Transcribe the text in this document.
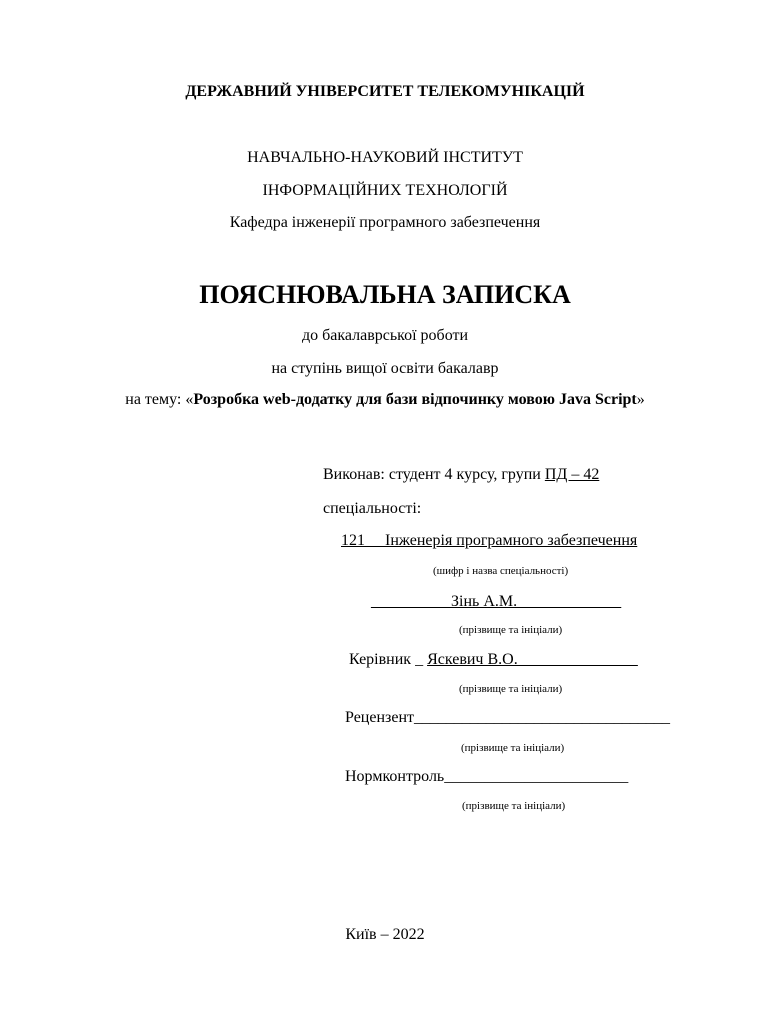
ДЕРЖАВНИЙ УНІВЕРСИТЕТ ТЕЛЕКОМУНІКАЦІЙ
НАВЧАЛЬНО-НАУКОВИЙ ІНСТИТУТ
ІНФОРМАЦІЙНИХ ТЕХНОЛОГІЙ
Кафедра інженерії програмного забезпечення
ПОЯСНЮВАЛЬНА ЗАПИСКА
до бакалаврської роботи
на ступінь вищої освіти бакалавр
на тему: «Розробка web-додатку для бази відпочинку мовою Java Script»
Виконав: студент 4 курсу, групи ПД – 42
спеціальності:
121__ Інженерія програмного забезпечення
(шифр і назва спеціальності)
__________Зінь А.М._____________
(прізвище та ініціали)
Керівник _ Яскевич В.О._______________
(прізвище та ініціали)
Рецензент________________________________
(прізвище та ініціали)
Нормконтроль_______________________
(прізвище та ініціали)
Київ – 2022
